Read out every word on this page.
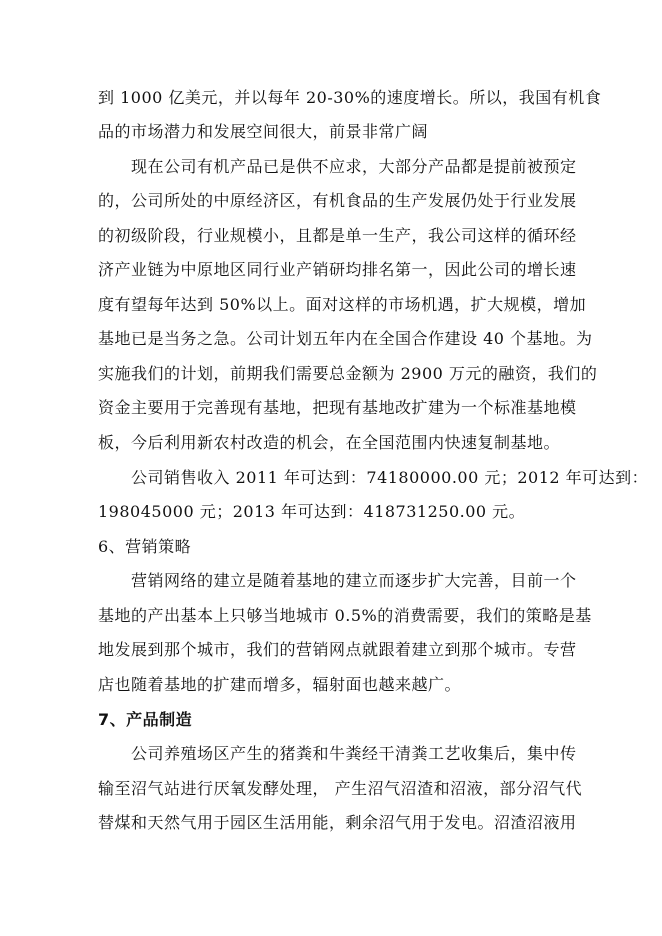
到 1000 亿美元，并以每年 20-30%的速度增长。所以，我国有机食
品的市场潜力和发展空间很大，前景非常广阔
现在公司有机产品已是供不应求，大部分产品都是提前被预定
的，公司所处的中原经济区，有机食品的生产发展仍处于行业发展
的初级阶段，行业规模小，且都是单一生产，我公司这样的循环经
济产业链为中原地区同行业产销研均排名第一，因此公司的增长速
度有望每年达到 50%以上。面对这样的市场机遇，扩大规模，增加
基地已是当务之急。公司计划五年内在全国合作建设 40 个基地。为
实施我们的计划，前期我们需要总金额为 2900 万元的融资，我们的
资金主要用于完善现有基地，把现有基地改扩建为一个标准基地模
板，今后利用新农村改造的机会，在全国范围内快速复制基地。
公司销售收入 2011 年可达到：74180000.00 元；2012 年可达到：
198045000 元；2013 年可达到：418731250.00 元。
6、营销策略
营销网络的建立是随着基地的建立而逐步扩大完善，目前一个
基地的产出基本上只够当地城市 0.5%的消费需要，我们的策略是基
地发展到那个城市，我们的营销网点就跟着建立到那个城市。专营
店也随着基地的扩建而增多，辐射面也越来越广。
7、产品制造
公司养殖场区产生的猪粪和牛粪经干清粪工艺收集后，集中传
输至沼气站进行厌氧发酵处理， 产生沼气沼渣和沼液，部分沼气代
替煤和天然气用于园区生活用能，剩余沼气用于发电。沼渣沼液用
